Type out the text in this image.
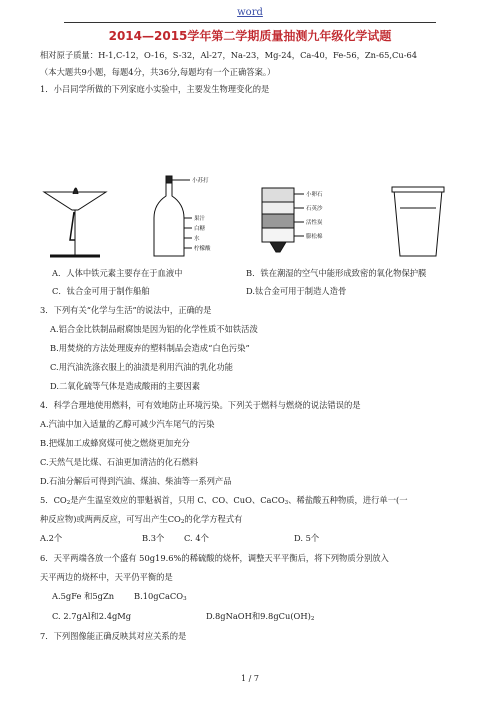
word
2014—2015学年第二学期质量抽测九年级化学试题
相对原子质量：H-1,C-12，O-16，S-32，Al-27，Na-23，Mg-24，Ca-40，Fe-56，Zn-65,Cu-64
（本大题共9小题，每题4分，共36分,每题均有一个正确答案。）
1．小吕同学所做的下列家庭小实验中，主要发生物理变化的是
小苏打
果汁
白糖
水
柠檬酸
小卵石
石英沙
活性炭
膨松棉
A．人体中铁元素主要存在于血液中	B．铁在潮湿的空气中能形成致密的氧化物保护膜
C．钛合金可用于制作船舶	D.钛合金可用于制造人造骨
3．下列有关“化学与生活”的说法中，正确的是
A.铝合金比铁制品耐腐蚀是因为铝的化学性质不如铁活泼
B.用焚烧的方法处理废弃的塑料制品会造成“白色污染”
C.用汽油洗涤衣服上的油渍是利用汽油的乳化功能
D.二氧化硫等气体是造成酸雨的主要因素
4．科学合理地使用燃料，可有效地防止环境污染。下列关于燃料与燃烧的说法错误的是
A.汽油中加入适量的乙醇可减少汽车尾气的污染
B.把煤加工成蜂窝煤可使之燃烧更加充分
C.天然气是比煤、石油更加清洁的化石燃料
D.石油分解后可得到汽油、煤油、柴油等一系列产品
5．CO2是产生温室效应的罪魁祸首，只用 C、CO、CuO、CaCO3、稀盐酸五种物质，进行单一(一
种反应物)或两两反应，可写出产生CO2的化学方程式有
A.2个	B.3个 C. 4个	D. 5个
6．天平两端各放一个盛有 50g19.6%的稀硫酸的烧杯，调整天平平衡后，将下列物质分别放入
天平两边的烧杯中，天平仍平衡的是
A.5gFe 和5gZn B.10gCaCO3
C. 2.7gAl和2.4gMg	D.8gNaOH和9.8gCu(OH)2
7．下列图像能正确反映其对应关系的是
1 / 7
